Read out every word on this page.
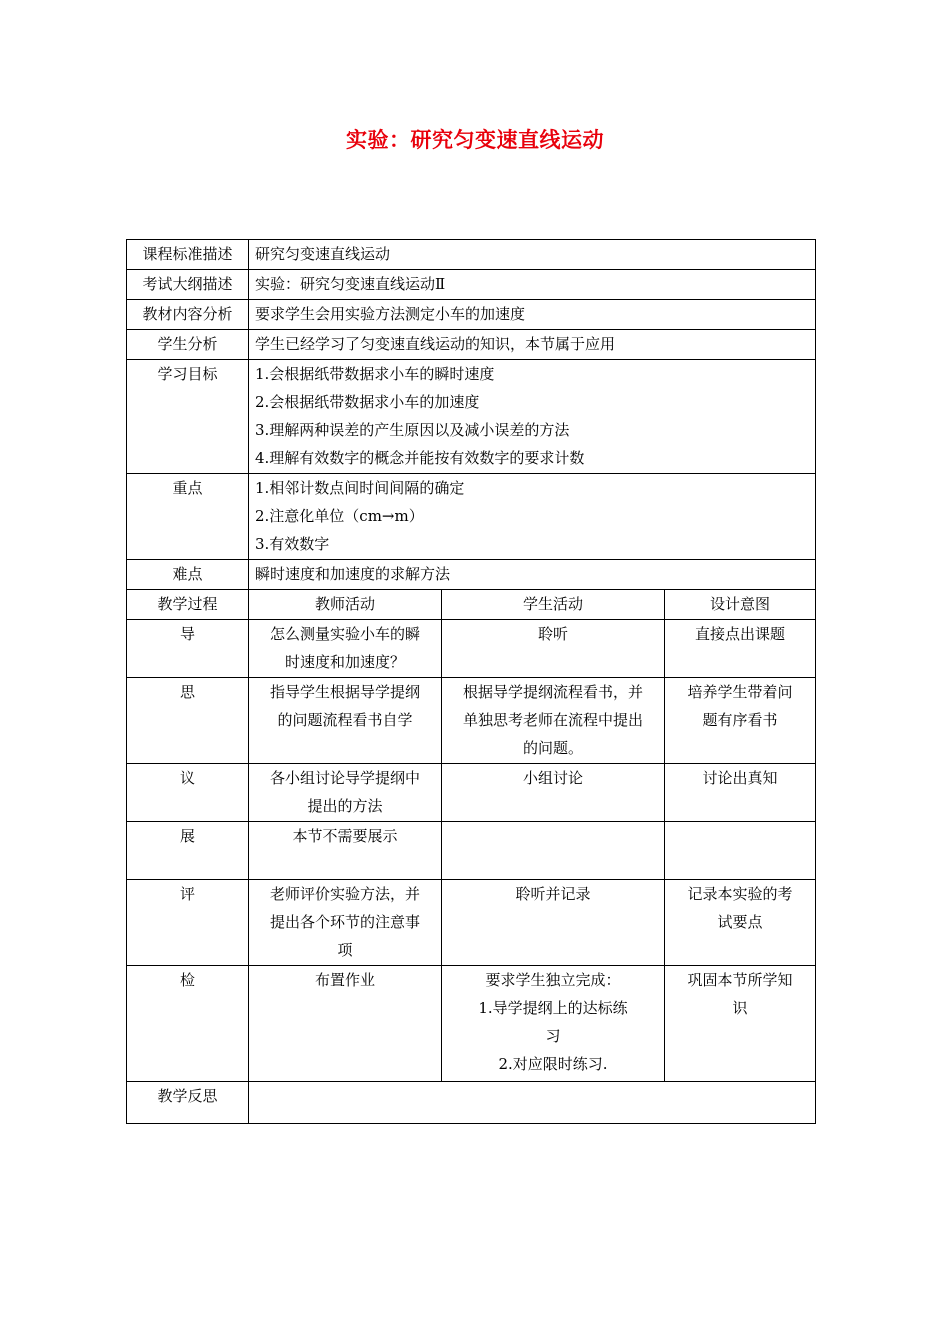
实验：研究匀变速直线运动
课程标准描述	研究匀变速直线运动		
考试大纲描述	实验：研究匀变速直线运动Ⅱ		
教材内容分析	要求学生会用实验方法测定小车的加速度		
学生分析	学生已经学习了匀变速直线运动的知识，本节属于应用		
学习目标	1.会根据纸带数据求小车的瞬时速度
2.会根据纸带数据求小车的加速度
3.理解两种误差的产生原因以及减小误差的方法
4.理解有效数字的概念并能按有效数字的要求计数		

重点	1.相邻计数点间时间间隔的确定
2.注意化单位（cm→m）
3.有效数字		

难点	瞬时速度和加速度的求解方法		
教学过程	教师活动	学生活动	设计意图
导	怎么测量实验小车的瞬
时速度和加速度？	聆听	直接点出课题

思	指导学生根据导学提纲
的问题流程看书自学	根据导学提纲流程看书，并
单独思考老师在流程中提出
的问题。	培养学生带着问
题有序看书

议	各小组讨论导学提纲中
提出的方法	小组讨论	讨论出真知

展	本节不需要展示		

评	老师评价实验方法，并
提出各个环节的注意事
项	聆听并记录	记录本实验的考
试要点

检	布置作业	要求学生独立完成：
1.导学提纲上的达标练
习
2.对应限时练习.	巩固本节所学知
识

教学反思			
